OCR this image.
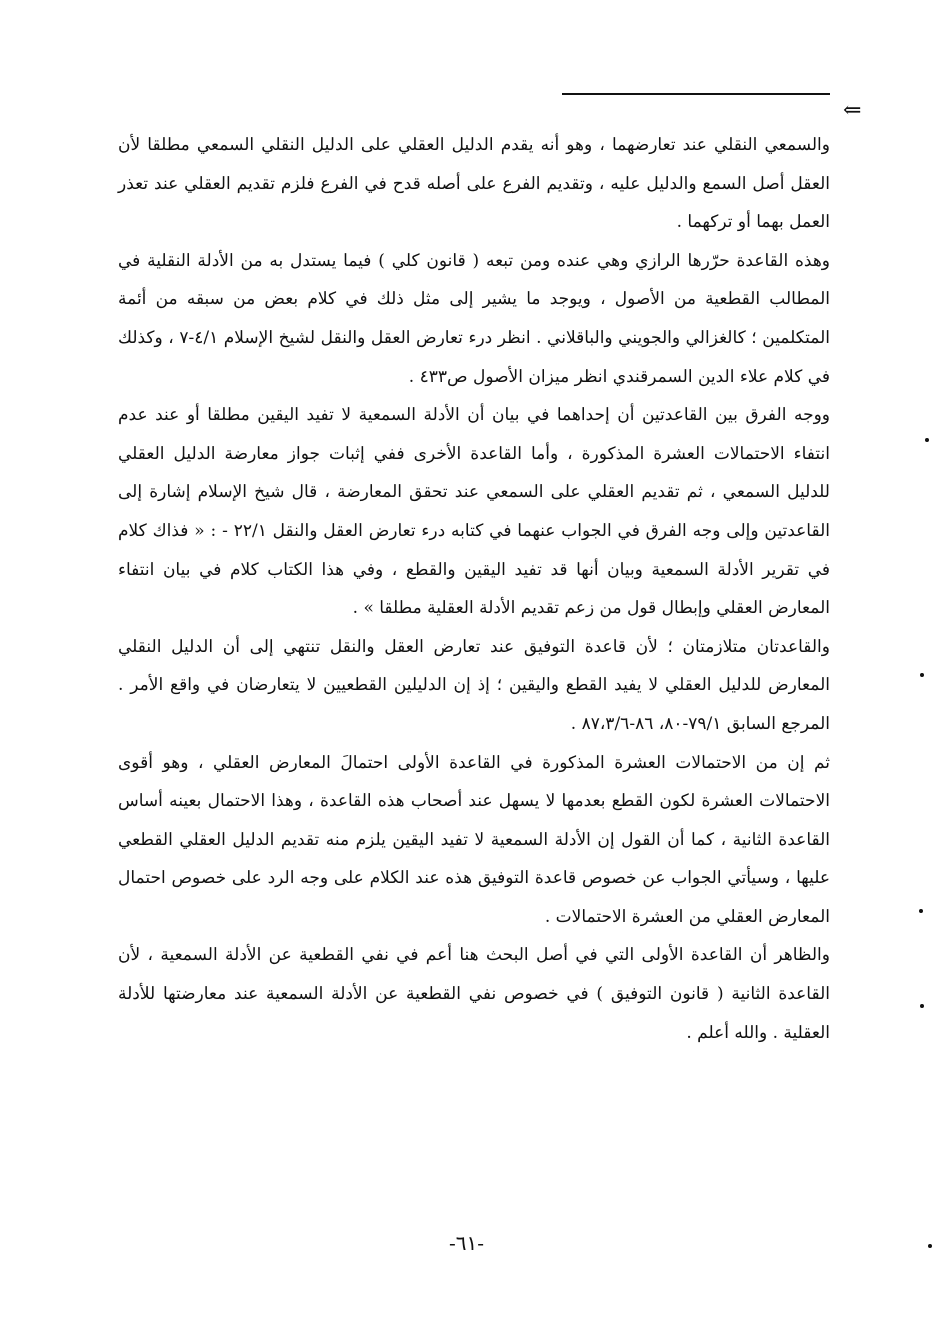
⇐

والسمعي النقلي عند تعارضهما ، وهو أنه يقدم الدليل العقلي على الدليل النقلي السمعي مطلقا لأن العقل أصل السمع والدليل عليه ، وتقديم الفرع على أصله قدح في الفرع فلزم تقديم العقلي عند تعذر العمل بهما أو تركهما .

وهذه القاعدة حرّرها الرازي وهي عنده ومن تبعه ( قانون كلي ) فيما يستدل به من الأدلة النقلية في المطالب القطعية من الأصول ، ويوجد ما يشير إلى مثل ذلك في كلام بعض من سبقه من أئمة المتكلمين ؛ كالغزالي والجويني والباقلاني . انظر درء تعارض العقل والنقل لشيخ الإسلام ٤/١-٧ ، وكذلك في كلام علاء الدين السمرقندي انظر ميزان الأصول ص٤٣٣ .

ووجه الفرق بين القاعدتين أن إحداهما في بيان أن الأدلة السمعية لا تفيد اليقين مطلقا أو عند عدم انتفاء الاحتمالات العشرة المذكورة ، وأما القاعدة الأخرى ففي إثبات جواز معارضة الدليل العقلي للدليل السمعي ، ثم تقديم العقلي على السمعي عند تحقق المعارضة ، قال شيخ الإسلام إشارة إلى القاعدتين وإلى وجه الفرق في الجواب عنهما في كتابه درء تعارض العقل والنقل ٢٢/١ - : « فذاك كلام في تقرير الأدلة السمعية وبيان أنها قد تفيد اليقين والقطع ، وفي هذا الكتاب كلام في بيان انتفاء المعارض العقلي وإبطال قول من زعم تقديم الأدلة العقلية مطلقا » .

والقاعدتان متلازمتان ؛ لأن قاعدة التوفيق عند تعارض العقل والنقل تنتهي إلى أن الدليل النقلي المعارض للدليل العقلي لا يفيد القطع واليقين ؛ إذ إن الدليلين القطعيين لا يتعارضان في واقع الأمر . المرجع السابق ٧٩/١-٨٠، ٨٦-٨٧،٣/٦ .

ثم إن من الاحتمالات العشرة المذكورة في القاعدة الأولى احتمالَ المعارض العقلي ، وهو أقوى الاحتمالات العشرة لكون القطع بعدمها لا يسهل عند أصحاب هذه القاعدة ، وهذا الاحتمال بعينه أساس القاعدة الثانية ، كما أن القول إن الأدلة السمعية لا تفيد اليقين يلزم منه تقديم الدليل العقلي القطعي عليها ، وسيأتي الجواب عن خصوص قاعدة التوفيق هذه عند الكلام على وجه الرد على خصوص احتمال المعارض العقلي من العشرة الاحتمالات .

والظاهر أن القاعدة الأولى التي في أصل البحث هنا أعم في نفي القطعية عن الأدلة السمعية ، لأن القاعدة الثانية ( قانون التوفيق ) في خصوص نفي القطعية عن الأدلة السمعية عند معارضتها للأدلة العقلية . والله أعلم .

-٦١-
